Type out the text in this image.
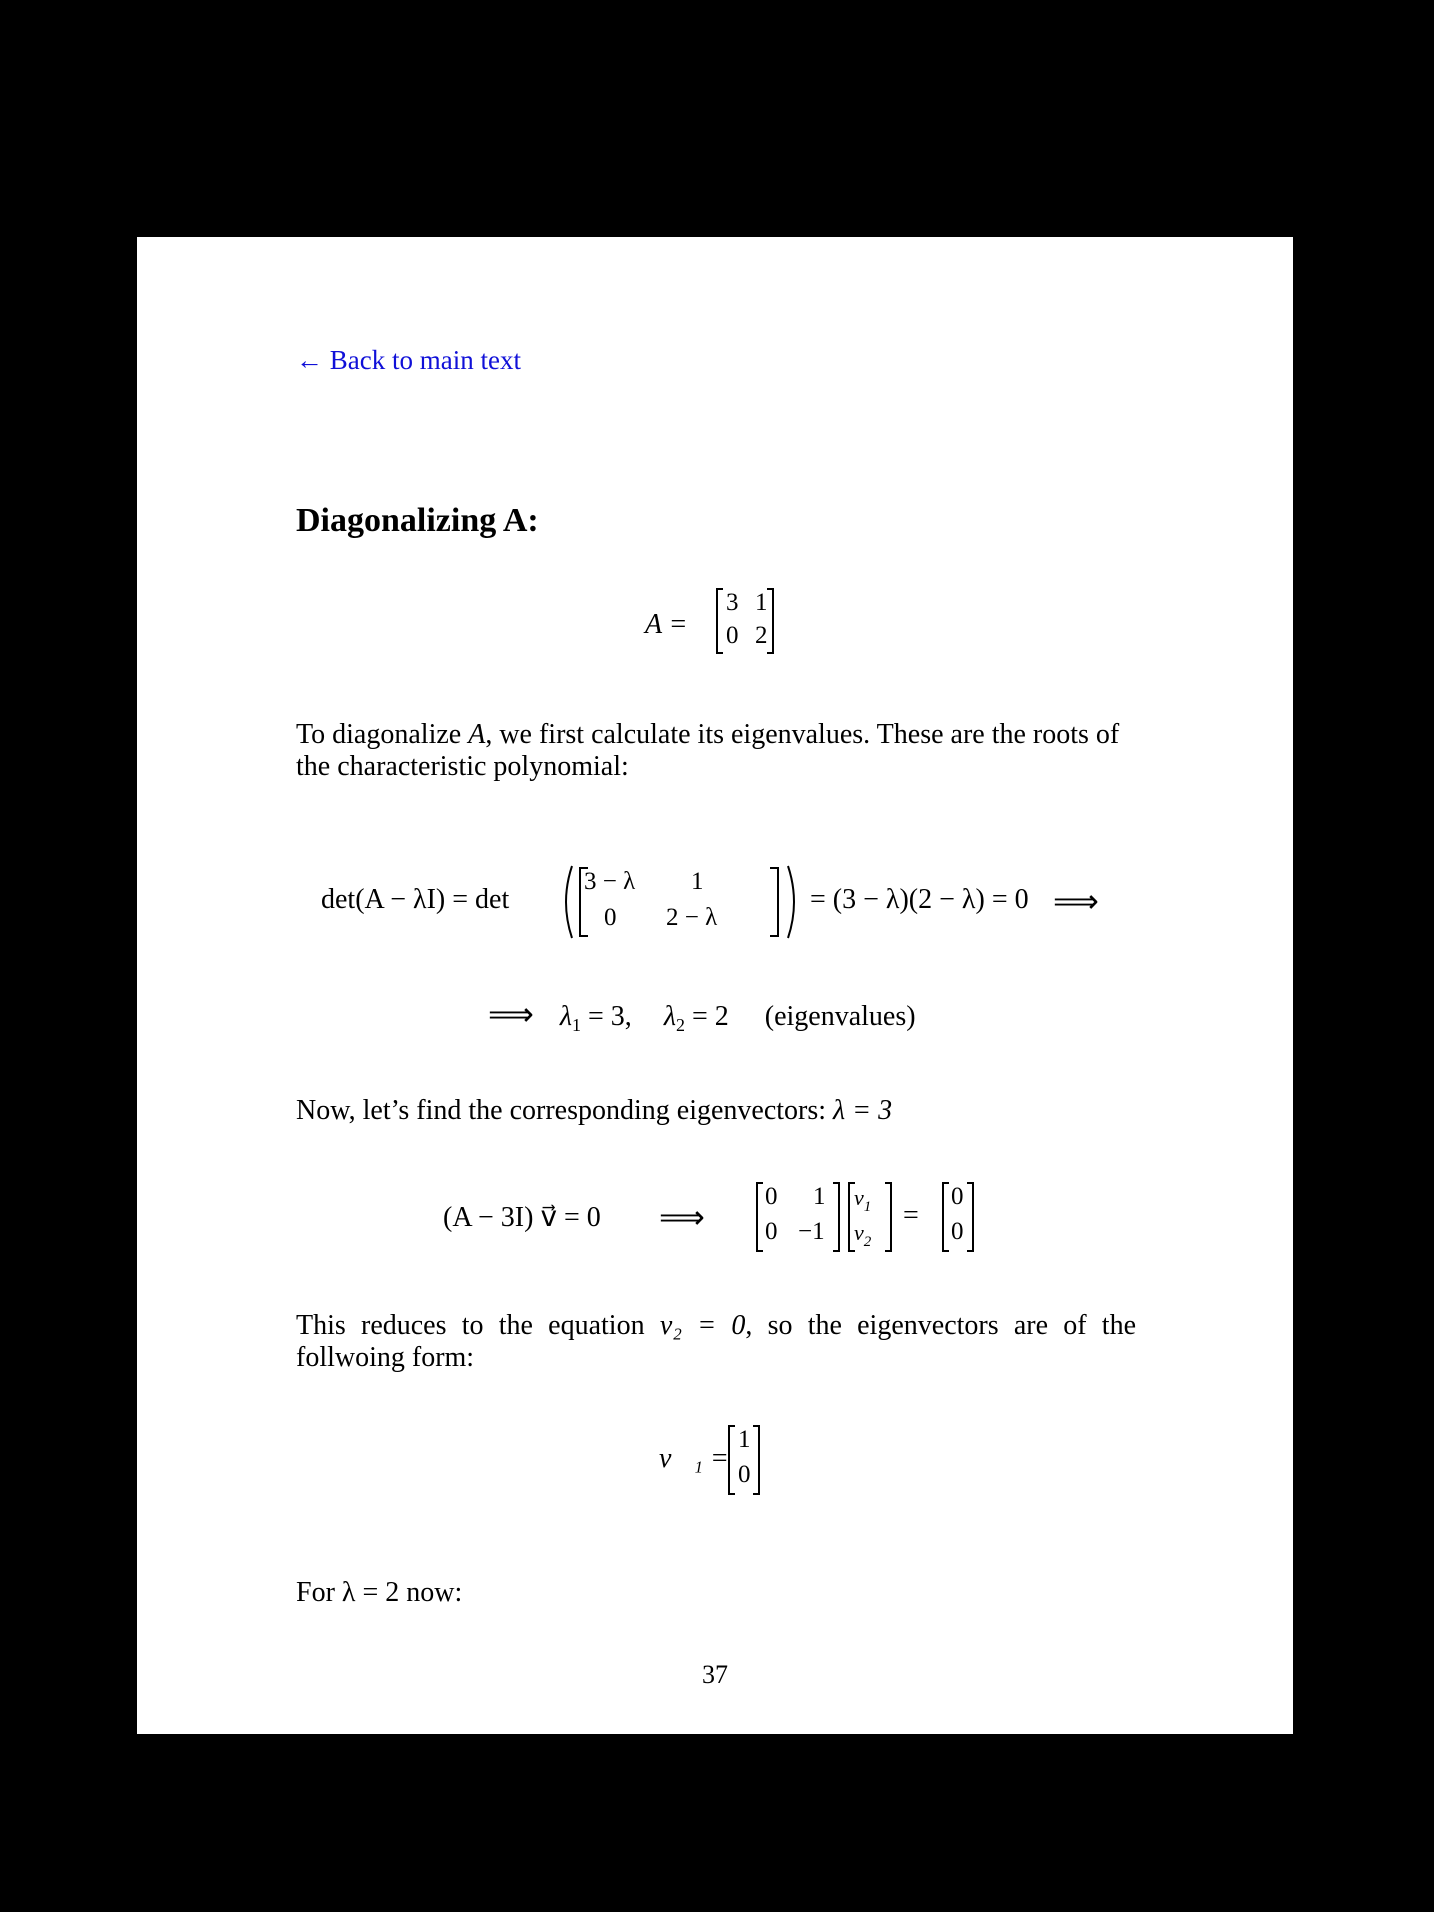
← Back to main text
Diagonalizing A:
A =
3 1
0 2

To diagonalize A, we first calculate its eigenvalues. These are the roots of the characteristic polynomial:

det(A − λI) = det
3 − λ 1
0 2 − λ
= (3 − λ)(2 − λ) = 0 ⟹
⟹ $\lambda_1 = 3$, $\lambda_2 = 2$ (eigenvalues)

Now, let’s find the corresponding eigenvectors: λ = 3

(A − 3I) v⃗ = 0 ⟹
0 1
0 −1
$v_1$
$v_2$
=
0
0

This reduces to the equation v₂ = 0, so the eigenvectors are of the follwoing form:

v⃗₁ =
1
0

For λ = 2 now:

37
